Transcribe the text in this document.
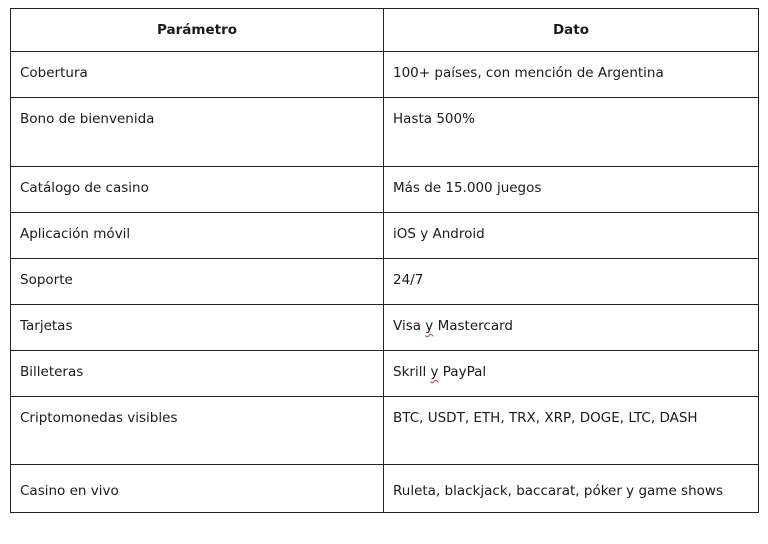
Parámetro	Dato

Cobertura	100+ países, con mención de Argentina

Bono de bienvenida	Hasta 500%

Catálogo de casino	Más de 15.000 juegos

Aplicación móvil	iOS y Android

Soporte	24/7

Tarjetas	Visa y Mastercard

Billeteras	Skrill y PayPal

Criptomonedas visibles	BTC, USDT, ETH, TRX, XRP, DOGE, LTC, DASH

Casino en vivo	Ruleta, blackjack, baccarat, póker y game shows
